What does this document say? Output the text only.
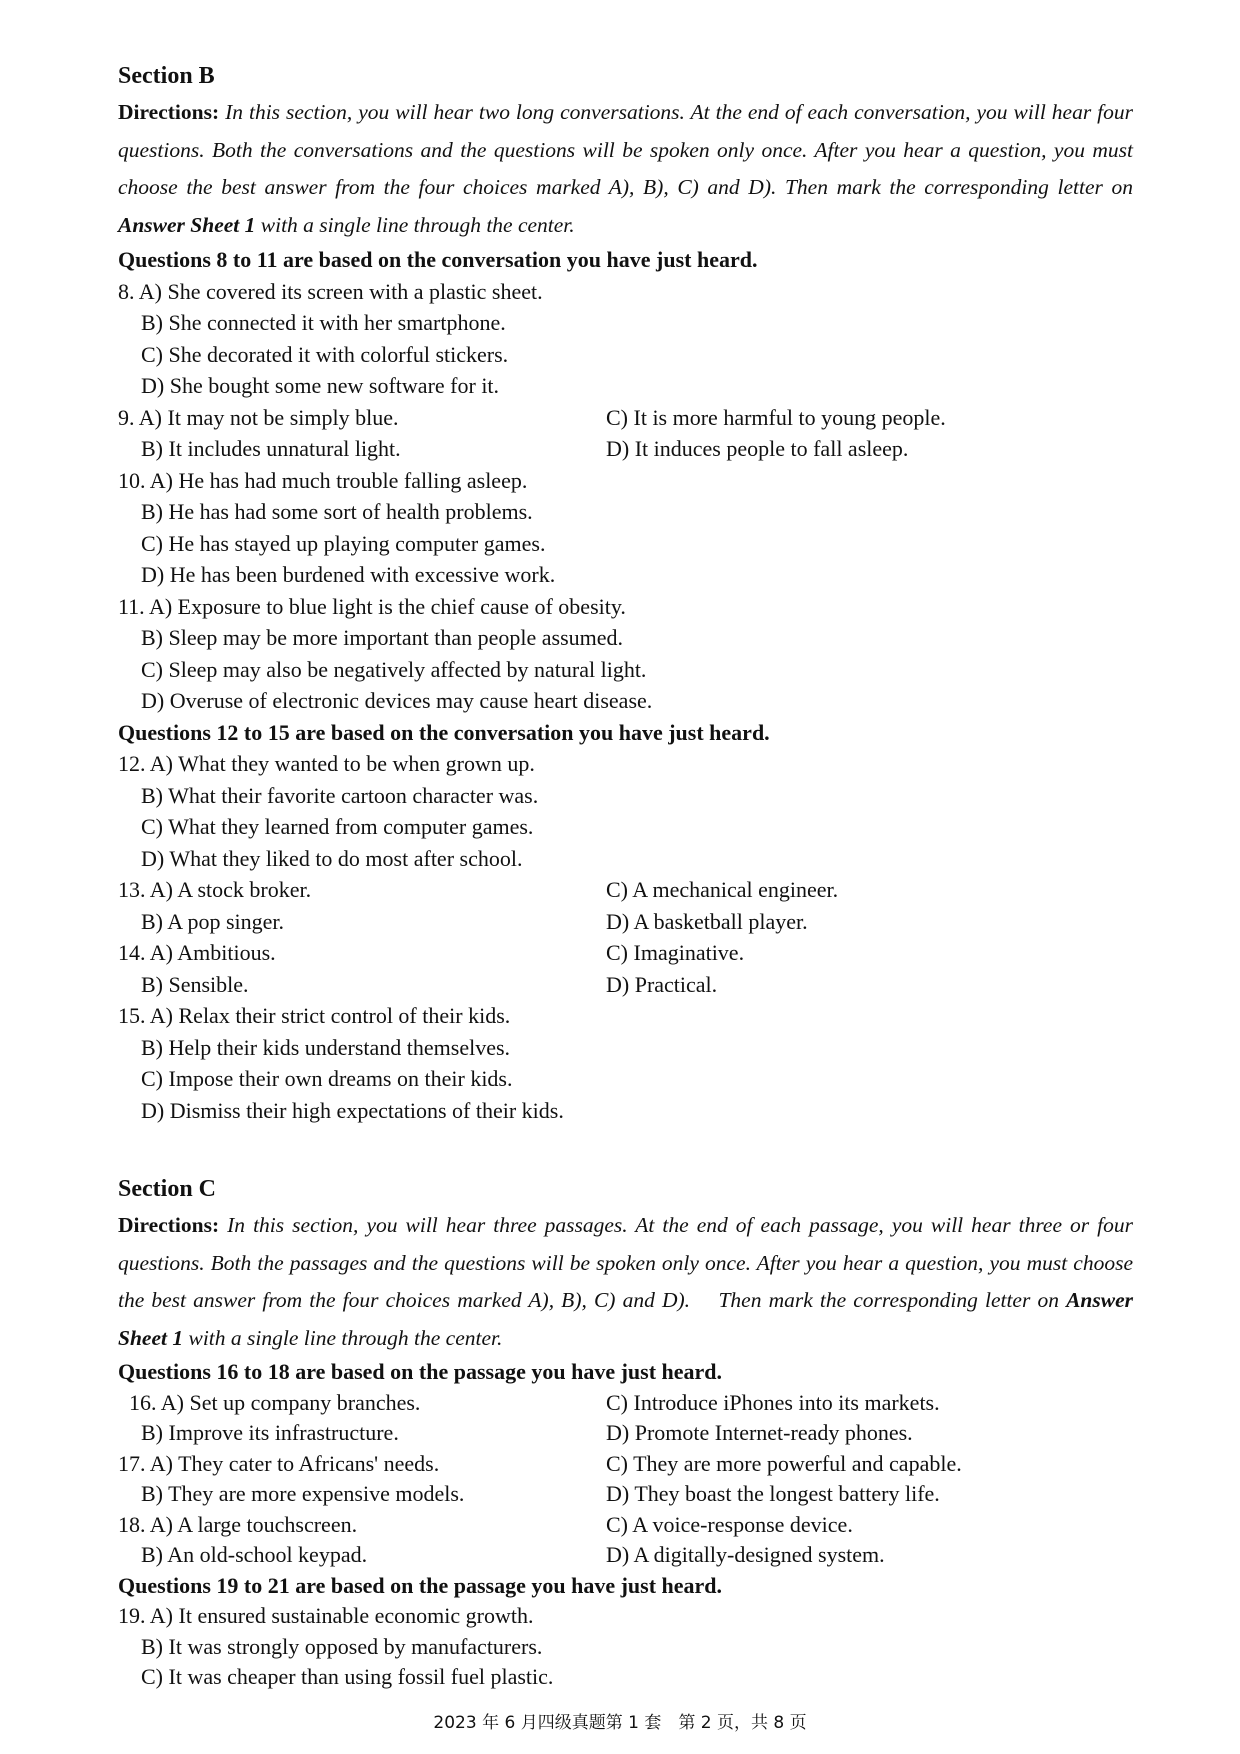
Section B
Directions: In this section, you will hear two long conversations. At the end of each conversation, you will hear four questions. Both the conversations and the questions will be spoken only once. After you hear a question, you must choose the best answer from the four choices marked A), B), C) and D). Then mark the corresponding letter on Answer Sheet 1 with a single line through the center.
Questions 8 to 11 are based on the conversation you have just heard.
8. A) She covered its screen with a plastic sheet.
B) She connected it with her smartphone.
C) She decorated it with colorful stickers.
D) She bought some new software for it.
9. A) It may not be simply blue.	C) It is more harmful to young people.
B) It includes unnatural light.	D) It induces people to fall asleep.
10. A) He has had much trouble falling asleep.
B) He has had some sort of health problems.
C) He has stayed up playing computer games.
D) He has been burdened with excessive work.
11. A) Exposure to blue light is the chief cause of obesity.
B) Sleep may be more important than people assumed.
C) Sleep may also be negatively affected by natural light.
D) Overuse of electronic devices may cause heart disease.
Questions 12 to 15 are based on the conversation you have just heard.
12. A) What they wanted to be when grown up.
B) What their favorite cartoon character was.
C) What they learned from computer games.
D) What they liked to do most after school.
13. A) A stock broker.	C) A mechanical engineer.
B) A pop singer.	D) A basketball player.
14. A) Ambitious.	C) Imaginative.
B) Sensible.	D) Practical.
15. A) Relax their strict control of their kids.
B) Help their kids understand themselves.
C) Impose their own dreams on their kids.
D) Dismiss their high expectations of their kids.
Section C
Directions: In this section, you will hear three passages. At the end of each passage, you will hear three or four questions. Both the passages and the questions will be spoken only once. After you hear a question, you must choose the best answer from the four choices marked A), B), C) and D).    Then mark the corresponding letter on Answer Sheet 1 with a single line through the center.
Questions 16 to 18 are based on the passage you have just heard.
16. A) Set up company branches.	C) Introduce iPhones into its markets.
B) Improve its infrastructure.	D) Promote Internet-ready phones.
17. A) They cater to Africans' needs.	C) They are more powerful and capable.
B) They are more expensive models.	D) They boast the longest battery life.
18. A) A large touchscreen.	C) A voice-response device.
B) An old-school keypad.	D) A digitally-designed system.
Questions 19 to 21 are based on the passage you have just heard.
19. A) It ensured sustainable economic growth.
B) It was strongly opposed by manufacturers.
C) It was cheaper than using fossil fuel plastic.
2023 年 6 月四级真题第 1 套　第 2 页，共 8 页
